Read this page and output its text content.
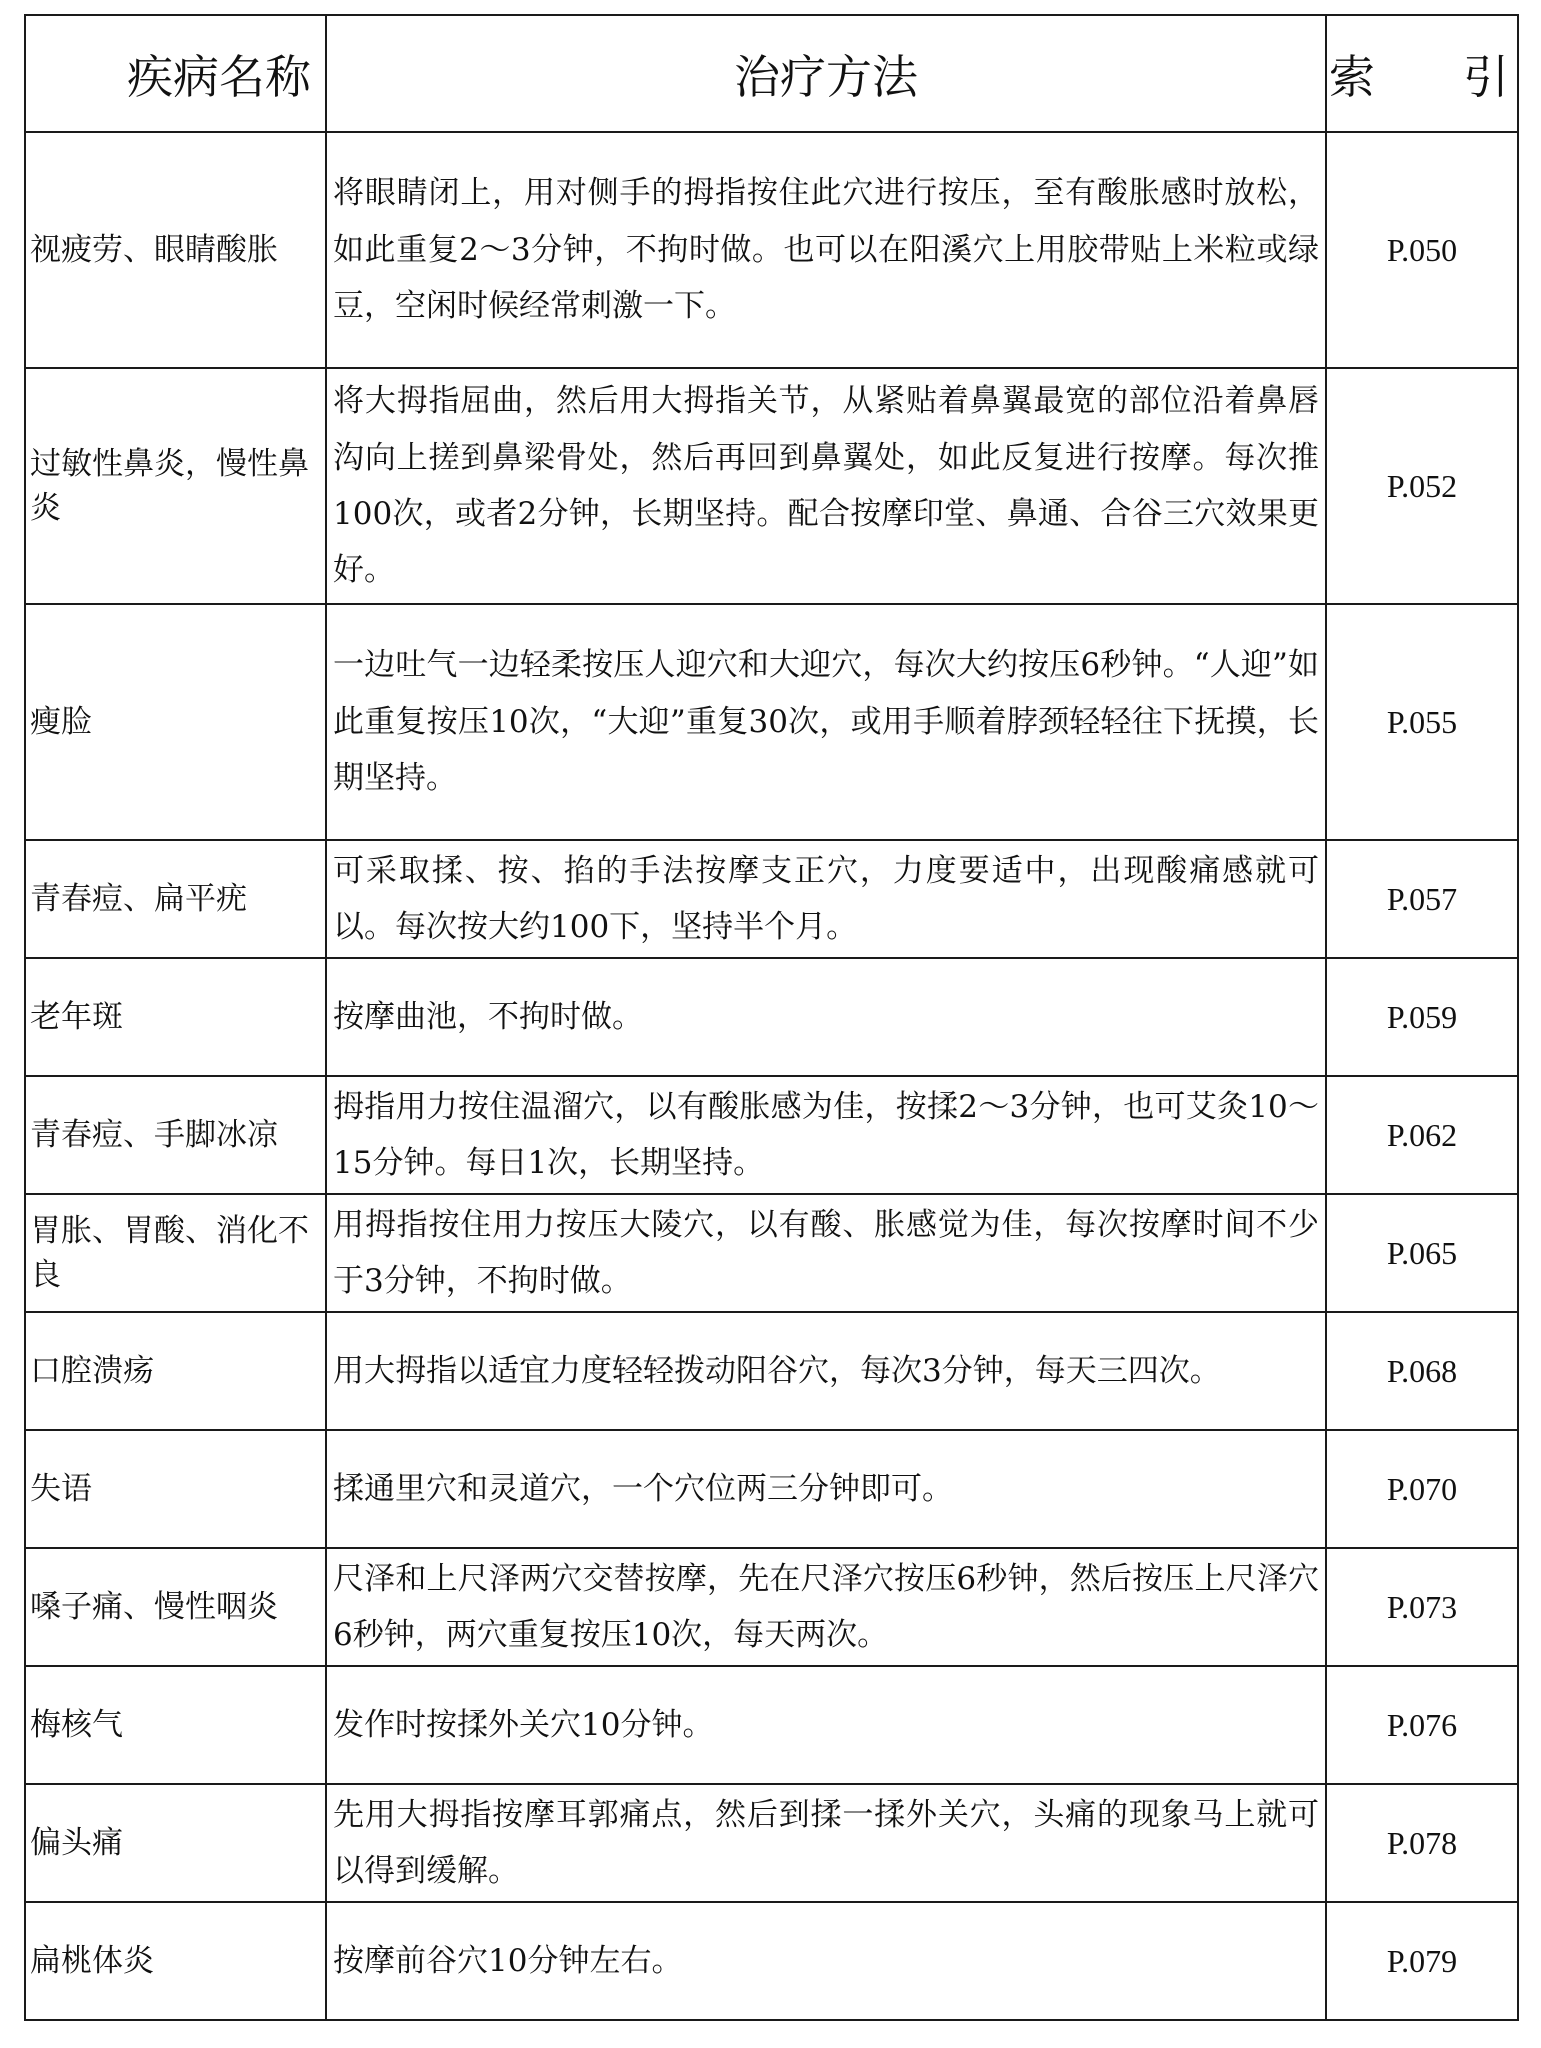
疾病名称	治疗方法	索 引
视疲劳、眼睛酸胀	将眼睛闭上，用对侧手的拇指按住此穴进行按压，至有酸胀感时放松，如此重复2～3分钟，不拘时做。也可以在阳溪穴上用胶带贴上米粒或绿豆，空闲时候经常刺激一下。	P.050
过敏性鼻炎，慢性鼻炎	将大拇指屈曲，然后用大拇指关节，从紧贴着鼻翼最宽的部位沿着鼻唇沟向上搓到鼻梁骨处，然后再回到鼻翼处，如此反复进行按摩。每次推100次，或者2分钟，长期坚持。配合按摩印堂、鼻通、合谷三穴效果更好。	P.052
瘦脸	一边吐气一边轻柔按压人迎穴和大迎穴，每次大约按压6秒钟。“人迎”如此重复按压10次，“大迎”重复30次，或用手顺着脖颈轻轻往下抚摸，长期坚持。	P.055
青春痘、扁平疣	可采取揉、按、掐的手法按摩支正穴，力度要适中，出现酸痛感就可以。每次按大约100下，坚持半个月。	P.057
老年斑	按摩曲池，不拘时做。	P.059
青春痘、手脚冰凉	拇指用力按住温溜穴，以有酸胀感为佳，按揉2～3分钟，也可艾灸10～15分钟。每日1次，长期坚持。	P.062
胃胀、胃酸、消化不良	用拇指按住用力按压大陵穴，以有酸、胀感觉为佳，每次按摩时间不少于3分钟，不拘时做。	P.065
口腔溃疡	用大拇指以适宜力度轻轻拨动阳谷穴，每次3分钟，每天三四次。	P.068
失语	揉通里穴和灵道穴，一个穴位两三分钟即可。	P.070
嗓子痛、慢性咽炎	尺泽和上尺泽两穴交替按摩，先在尺泽穴按压6秒钟，然后按压上尺泽穴6秒钟，两穴重复按压10次，每天两次。	P.073
梅核气	发作时按揉外关穴10分钟。	P.076
偏头痛	先用大拇指按摩耳郭痛点，然后到揉一揉外关穴，头痛的现象马上就可以得到缓解。	P.078
扁桃体炎	按摩前谷穴10分钟左右。	P.079
